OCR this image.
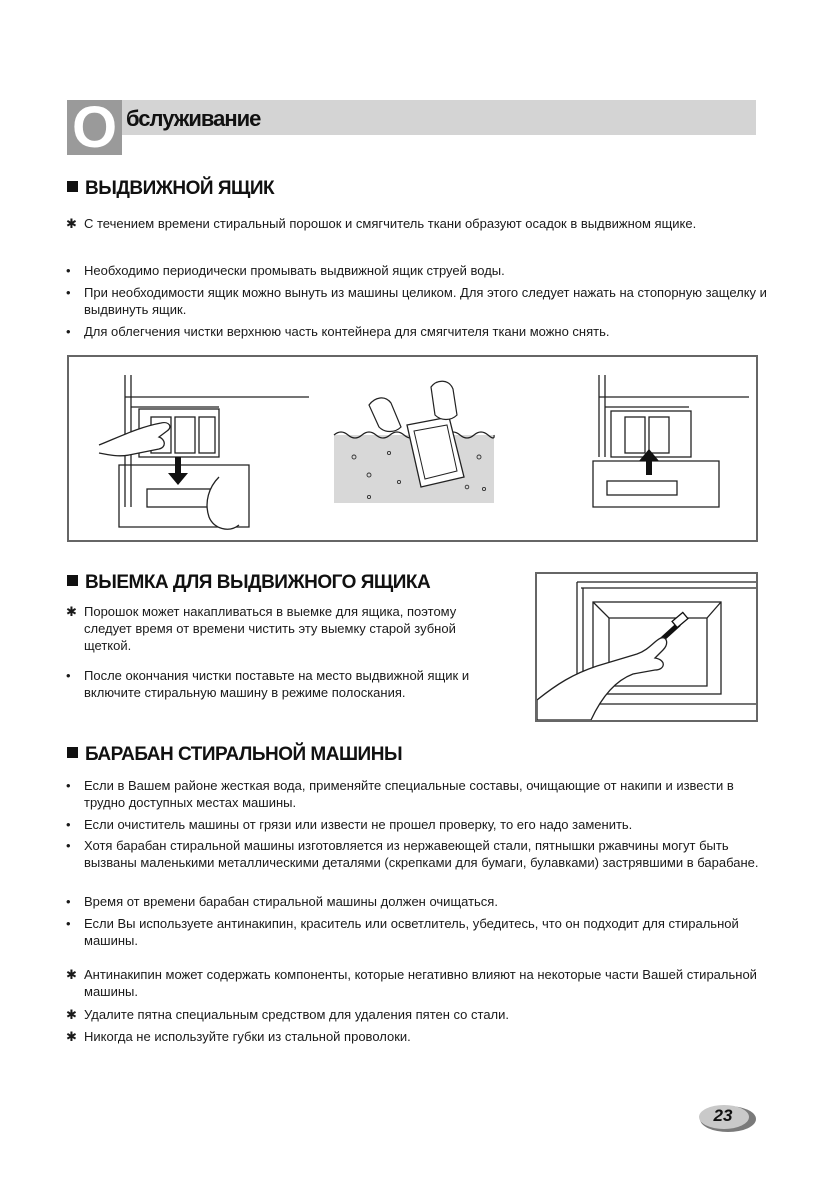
О бслуживание
ВЫДВИЖНОЙ ЯЩИК
✱ С течением времени стиральный порошок и смягчитель ткани образуют осадок в выдвижном ящике.
•	Необходимо периодически промывать выдвижной ящик струей воды.
•	При необходимости ящик можно вынуть из машины целиком. Для этого следует нажать на стопорную защелку и выдвинуть ящик.
•	Для облегчения чистки верхнюю часть контейнера для смягчителя ткани можно снять.
ВЫЕМКА ДЛЯ ВЫДВИЖНОГО ЯЩИКА
✱ Порошок может накапливаться в выемке для ящика, поэтому следует время от времени чистить эту выемку старой зубной щеткой.
•	После окончания чистки поставьте на место выдвижной ящик и включите стиральную машину в режиме полоскания.
БАРАБАН СТИРАЛЬНОЙ МАШИНЫ
•	Если в Вашем районе жесткая вода, применяйте специальные составы, очищающие от накипи и извести в трудно доступных местах машины.
•	Если очиститель машины от грязи или извести не прошел проверку, то его надо заменить.
•	Хотя барабан стиральной машины изготовляется из нержавеющей стали, пятнышки ржавчины могут быть вызваны маленькими металлическими деталями (скрепками для бумаги, булавками) застрявшими в барабане.
•	Время от времени барабан стиральной машины должен очищаться.
•	Если Вы используете антинакипин, краситель или осветлитель, убедитесь, что он подходит для стиральной машины.
✱ Антинакипин может содержать компоненты, которые негативно влияют на некоторые части Вашей стиральной машины.
✱ Удалите пятна специальным средством для удаления пятен со стали.
✱ Никогда не используйте губки из стальной проволоки.
23
